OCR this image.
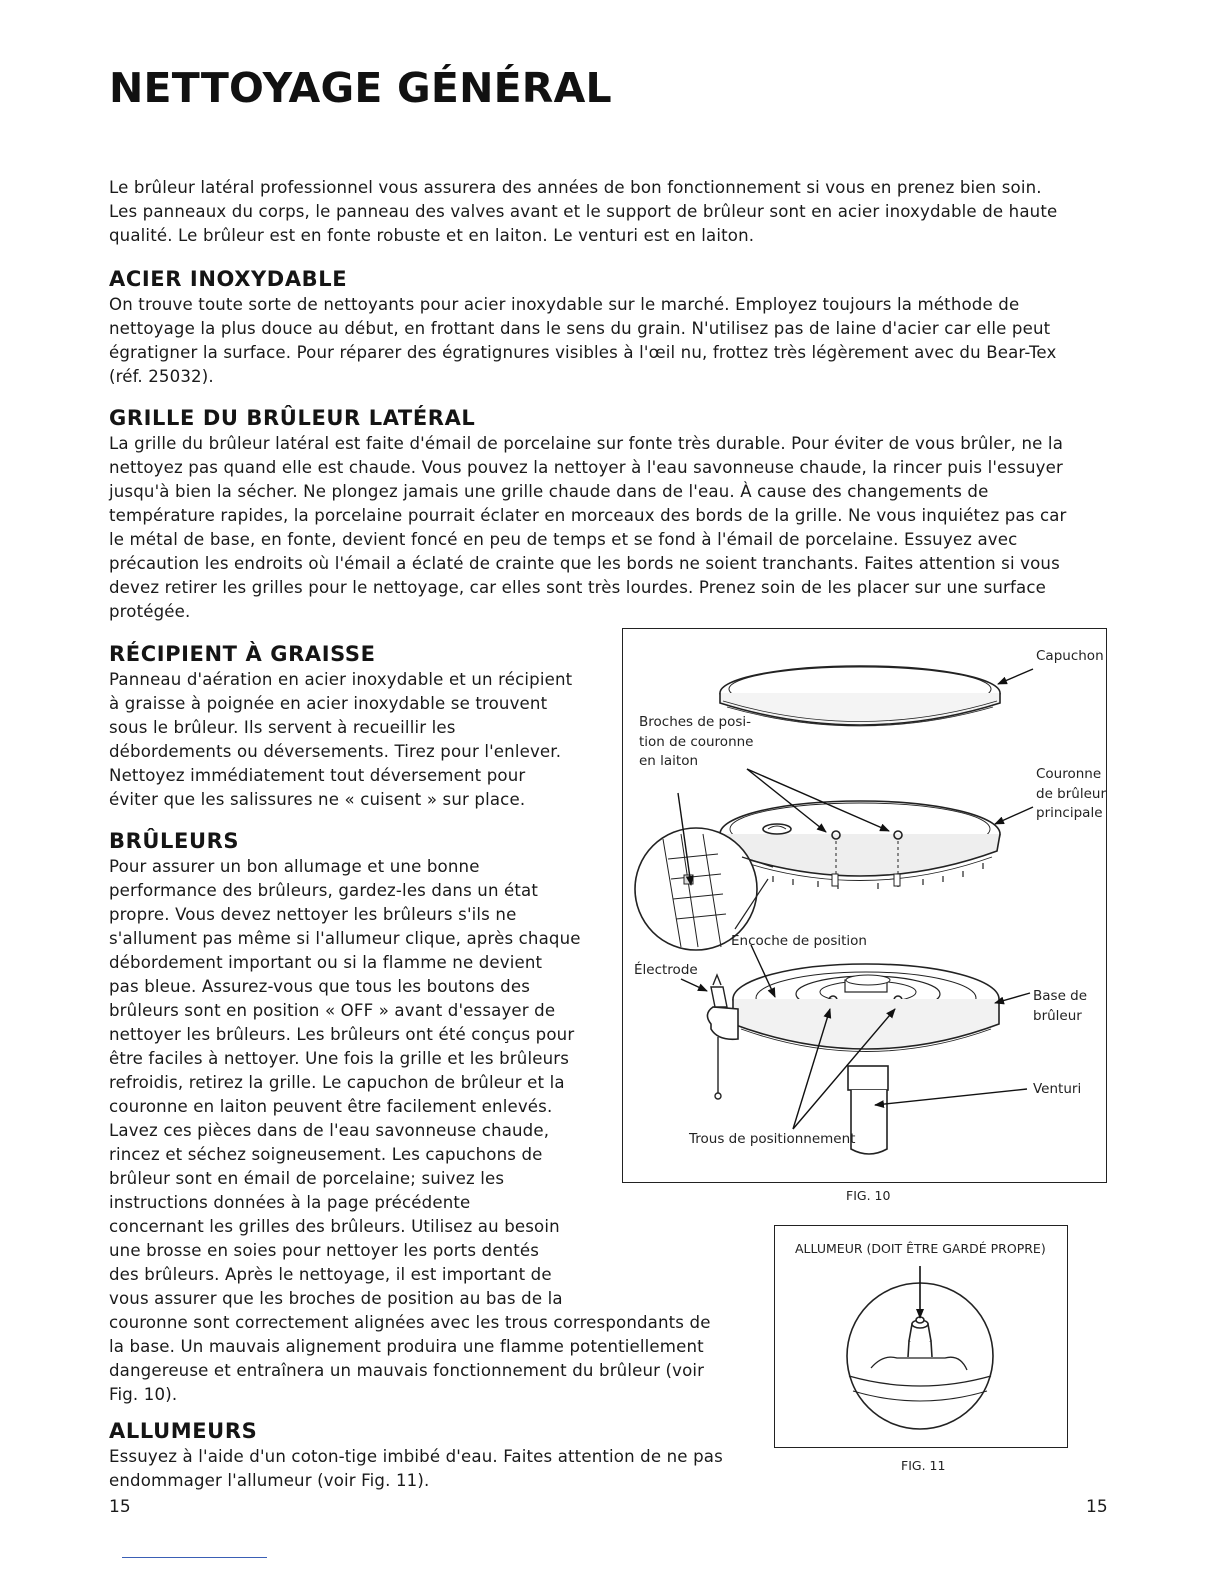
NETTOYAGE GÉNÉRAL
Le brûleur latéral professionnel vous assurera des années de bon fonctionnement si vous en prenez bien soin.
Les panneaux du corps, le panneau des valves avant et le support de brûleur sont en acier inoxydable de haute
qualité. Le brûleur est en fonte robuste et en laiton. Le venturi est en laiton.
ACIER INOXYDABLE
On trouve toute sorte de nettoyants pour acier inoxydable sur le marché. Employez toujours la méthode de
nettoyage la plus douce au début, en frottant dans le sens du grain. N'utilisez pas de laine d'acier car elle peut
égratigner la surface. Pour réparer des égratignures visibles à l'œil nu, frottez très légèrement avec du Bear-Tex
(réf. 25032).
GRILLE DU BRÛLEUR LATÉRAL
La grille du brûleur latéral est faite d'émail de porcelaine sur fonte très durable. Pour éviter de vous brûler, ne la
nettoyez pas quand elle est chaude. Vous pouvez la nettoyer à l'eau savonneuse chaude, la rincer puis l'essuyer
jusqu'à bien la sécher. Ne plongez jamais une grille chaude dans de l'eau. À cause des changements de
température rapides, la porcelaine pourrait éclater en morceaux des bords de la grille. Ne vous inquiétez pas car
le métal de base, en fonte, devient foncé en peu de temps et se fond à l'émail de porcelaine. Essuyez avec
précaution les endroits où l'émail a éclaté de crainte que les bords ne soient tranchants. Faites attention si vous
devez retirer les grilles pour le nettoyage, car elles sont très lourdes. Prenez soin de les placer sur une surface
protégée.
RÉCIPIENT À GRAISSE
Panneau d'aération en acier inoxydable et un récipient
à graisse à poignée en acier inoxydable se trouvent
sous le brûleur. Ils servent à recueillir les
débordements ou déversements. Tirez pour l'enlever.
Nettoyez immédiatement tout déversement pour
éviter que les salissures ne « cuisent » sur place.
BRÛLEURS
Pour assurer un bon allumage et une bonne
performance des brûleurs, gardez-les dans un état
propre. Vous devez nettoyer les brûleurs s'ils ne
s'allument pas même si l'allumeur clique, après chaque
débordement important ou si la flamme ne devient
pas bleue. Assurez-vous que tous les boutons des
brûleurs sont en position « OFF » avant d'essayer de
nettoyer les brûleurs. Les brûleurs ont été conçus pour
être faciles à nettoyer. Une fois la grille et les brûleurs
refroidis, retirez la grille. Le capuchon de brûleur et la
couronne en laiton peuvent être facilement enlevés.
Lavez ces pièces dans de l'eau savonneuse chaude,
rincez et séchez soigneusement. Les capuchons de
brûleur sont en émail de porcelaine; suivez les
instructions données à la page précédente
concernant les grilles des brûleurs. Utilisez au besoin
une brosse en soies pour nettoyer les ports dentés
des brûleurs. Après le nettoyage, il est important de
vous assurer que les broches de position au bas de la
couronne sont correctement alignées avec les trous correspondants de
la base. Un mauvais alignement produira une flamme potentiellement
dangereuse et entraînera un mauvais fonctionnement du brûleur (voir
Fig. 10).
ALLUMEURS
Essuyez à l'aide d'un coton-tige imbibé d'eau. Faites attention de ne pas
endommager l'allumeur (voir Fig. 11).
Capuchon
Broches de posi-
tion de couronne
en laiton
Couronne
de brûleur
principale
Encoche de position
Électrode
Base de
brûleur
Venturi
Trous de positionnement
FIG. 10
ALLUMEUR (DOIT ÊTRE GARDÉ PROPRE)
FIG. 11
15	15
